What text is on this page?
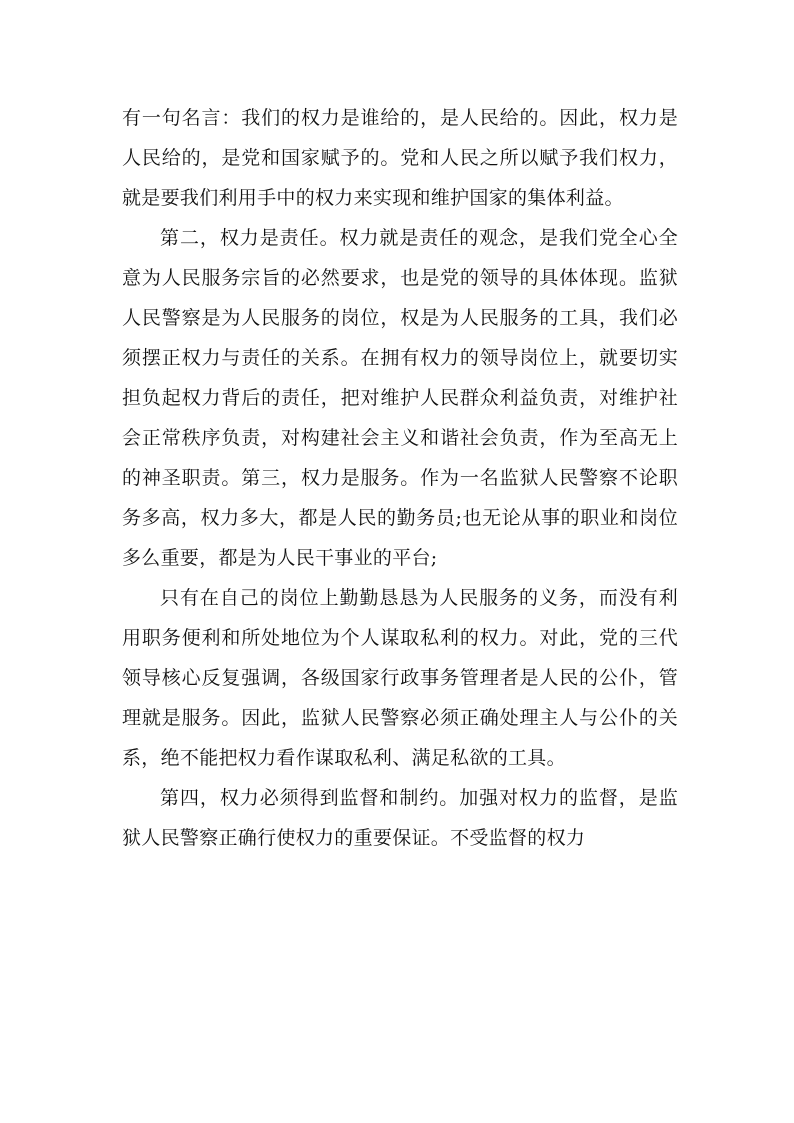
有一句名言：我们的权力是谁给的，是人民给的。因此，权力是人民给的，是党和国家赋予的。党和人民之所以赋予我们权力，就是要我们利用手中的权力来实现和维护国家的集体利益。

第二，权力是责任。权力就是责任的观念，是我们党全心全意为人民服务宗旨的必然要求，也是党的领导的具体体现。监狱人民警察是为人民服务的岗位，权是为人民服务的工具，我们必须摆正权力与责任的关系。在拥有权力的领导岗位上，就要切实担负起权力背后的责任，把对维护人民群众利益负责，对维护社会正常秩序负责，对构建社会主义和谐社会负责，作为至高无上的神圣职责。第三，权力是服务。作为一名监狱人民警察不论职务多高，权力多大，都是人民的勤务员;也无论从事的职业和岗位多么重要，都是为人民干事业的平台;

只有在自己的岗位上勤勤恳恳为人民服务的义务，而没有利用职务便利和所处地位为个人谋取私利的权力。对此，党的三代领导核心反复强调，各级国家行政事务管理者是人民的公仆，管理就是服务。因此，监狱人民警察必须正确处理主人与公仆的关系，绝不能把权力看作谋取私利、满足私欲的工具。

第四，权力必须得到监督和制约。加强对权力的监督，是监狱人民警察正确行使权力的重要保证。不受监督的权力
